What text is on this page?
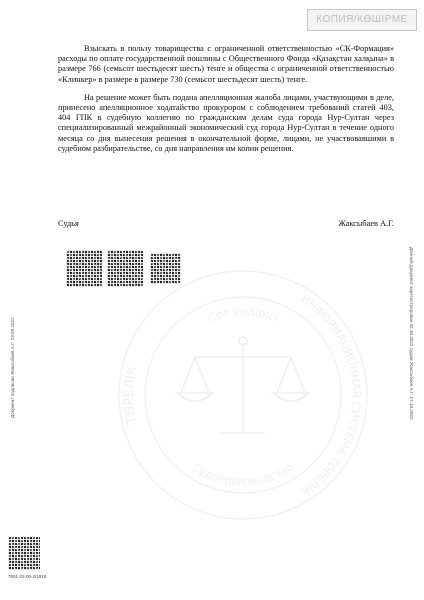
КОПИЯ/КӨШІРМЕ

Взыскать в пользу товарищества с ограниченной ответственностью «СК-Формация» расходы по оплате государственной пошлины с Общественного Фонда «Қазақстан халқына» в размере 766 (семьсот шестьдесят шесть) тенге и общества с ограниченной ответственностью «Клинкер» в размере в размере 730 (семьсот шестьдесят шесть) тенге.

На решение может быть подана апелляционная жалоба лицами, участвующими в деле, принесено апелляционное ходатайство прокурором с соблюдением требований статей 403, 404 ГПК в судебную коллегию по гражданским делам суда города Нур-Султан через специализированный межрайонный экономический суд города Нур-Султан в течение одного месяца со дня вынесения решения в окончательной форме, лицами, не участвовавшими в судебном разбирательстве, со дня направления им копии решения.

Судья	Жаксыбаев А.Г.
7501-22-00-2/1918
Документ подписан Жаксыбаев А.Г. 23.09.2022	Данный документ зарегистрирован 02.10.2022 судом Жаксыбаев А.Г. 17.10.2022
ТӨРЕЛІК
ИНФОРМАЦИОННАЯ СИСТЕМА ТӨРЕЛІК
Сот өндірісі
Судопроизводство
